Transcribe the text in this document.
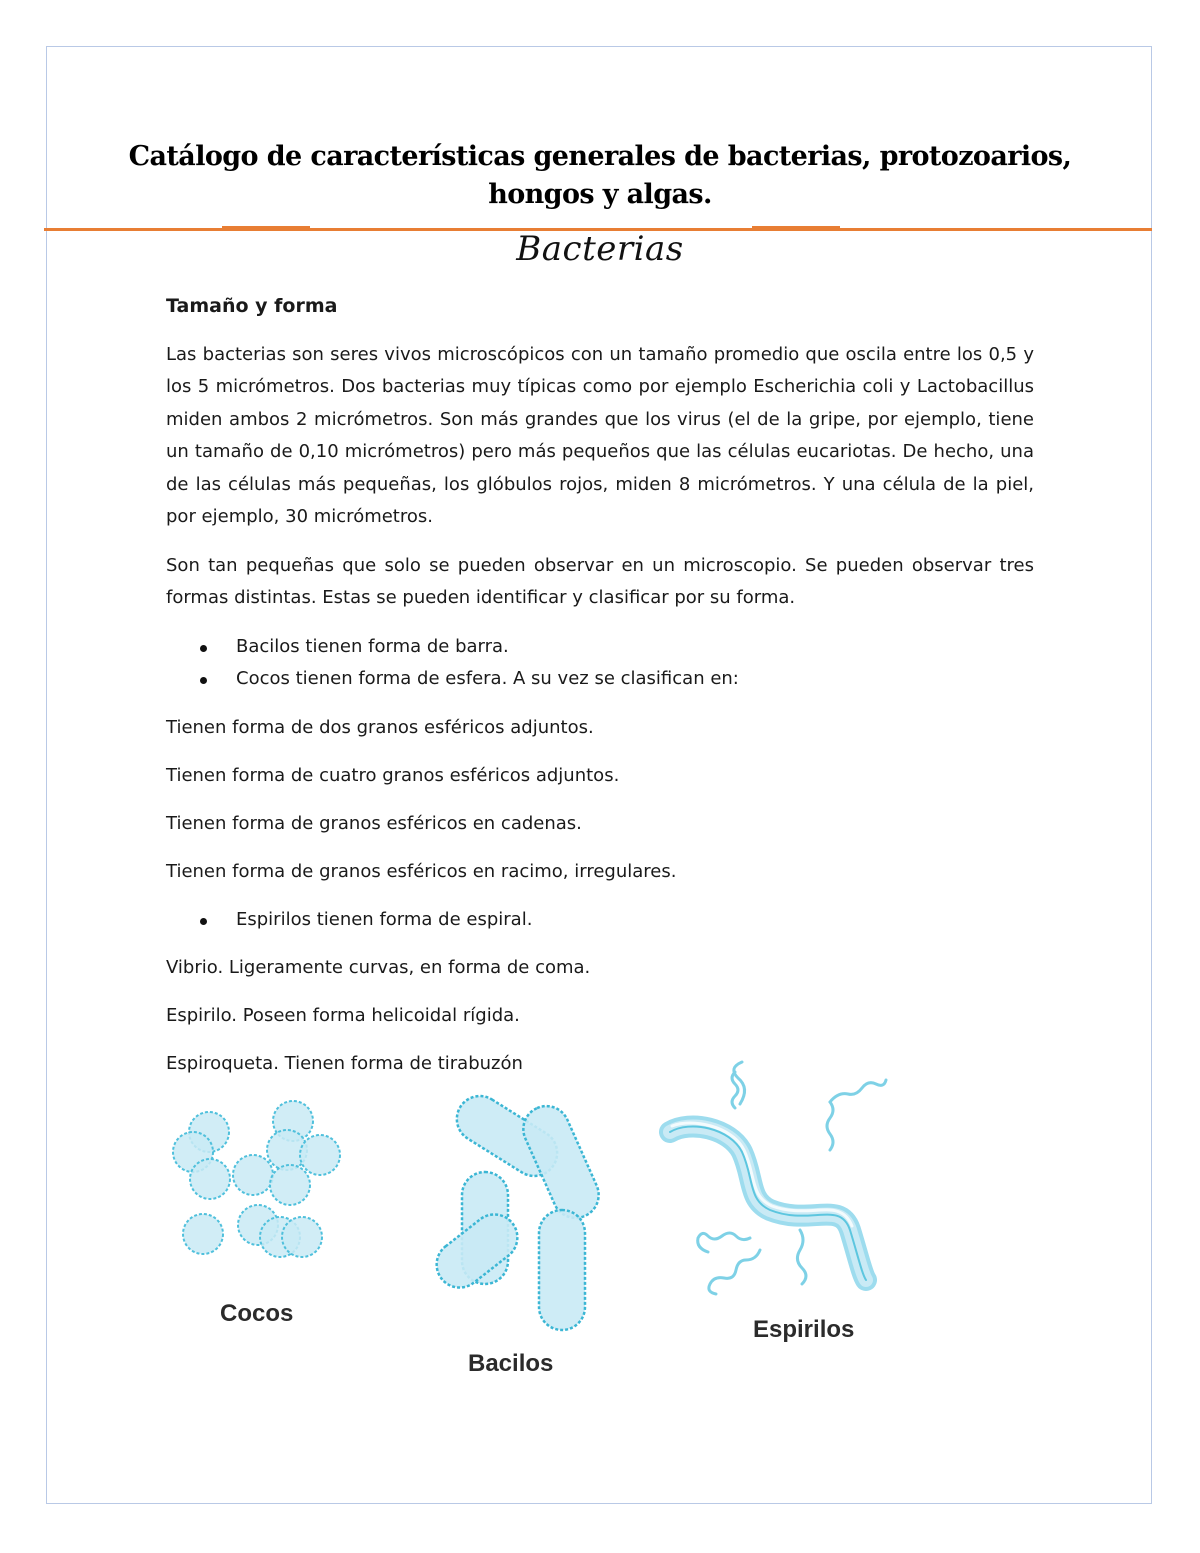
Catálogo de características generales de bacterias, protozoarios,
hongos y algas.
Bacterias
Tamaño y forma

Las bacterias son seres vivos microscópicos con un tamaño promedio que oscila entre los 0,5 y los 5 micrómetros. Dos bacterias muy típicas como por ejemplo Escherichia coli y Lactobacillus miden ambos 2 micrómetros. Son más grandes que los virus (el de la gripe, por ejemplo, tiene un tamaño de 0,10 micrómetros) pero más pequeños que las células eucariotas. De hecho, una de las células más pequeñas, los glóbulos rojos, miden 8 micrómetros. Y una célula de la piel, por ejemplo, 30 micrómetros.

Son tan pequeñas que solo se pueden observar en un microscopio. Se pueden observar tres formas distintas. Estas se pueden identificar y clasificar por su forma.

Bacilos tienen forma de barra.
Cocos tienen forma de esfera. A su vez se clasifican en:
Tienen forma de dos granos esféricos adjuntos.
Tienen forma de cuatro granos esféricos adjuntos.
Tienen forma de granos esféricos en cadenas.
Tienen forma de granos esféricos en racimo, irregulares.
Espirilos tienen forma de espiral.
Vibrio. Ligeramente curvas, en forma de coma.
Espirilo. Poseen forma helicoidal rígida.
Espiroqueta. Tienen forma de tirabuzón
Cocos
Bacilos
Espirilos
